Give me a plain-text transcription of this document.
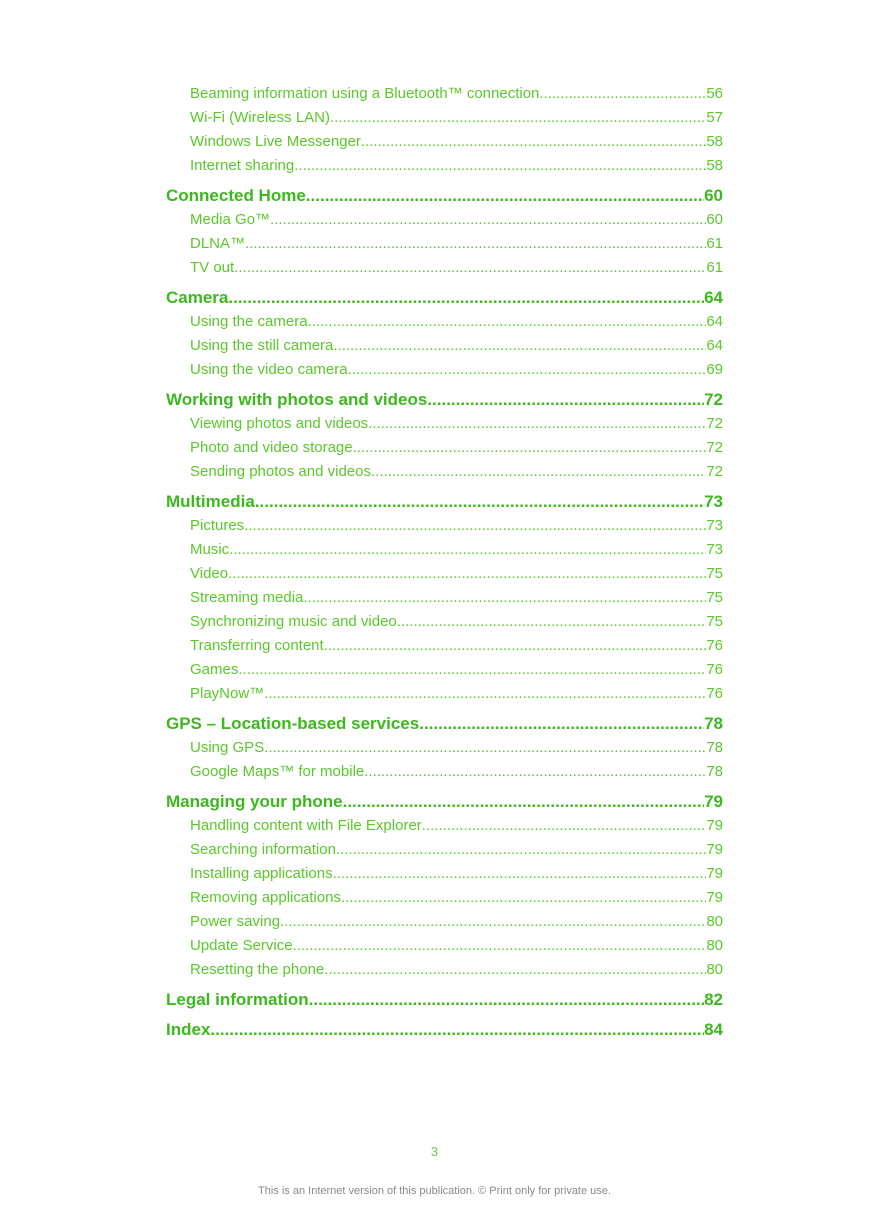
Beaming information using a Bluetooth™ connection .....	56
Wi-Fi (Wireless LAN) .....	57
Windows Live Messenger .....	58
Internet sharing .....	58
Connected Home .....	60
Media Go™ .....	60
DLNA™ .....	61
TV out .....	61
Camera .....	64
Using the camera .....	64
Using the still camera .....	64
Using the video camera .....	69
Working with photos and videos .....	72
Viewing photos and videos .....	72
Photo and video storage .....	72
Sending photos and videos .....	72
Multimedia .....	73
Pictures .....	73
Music .....	73
Video .....	75
Streaming media .....	75
Synchronizing music and video .....	75
Transferring content .....	76
Games .....	76
PlayNow™ .....	76
GPS – Location-based services .....	78
Using GPS .....	78
Google Maps™ for mobile .....	78
Managing your phone .....	79
Handling content with File Explorer .....	79
Searching information .....	79
Installing applications .....	79
Removing applications .....	79
Power saving .....	80
Update Service .....	80
Resetting the phone .....	80
Legal information .....	82
Index .....	84
3
This is an Internet version of this publication. © Print only for private use.
